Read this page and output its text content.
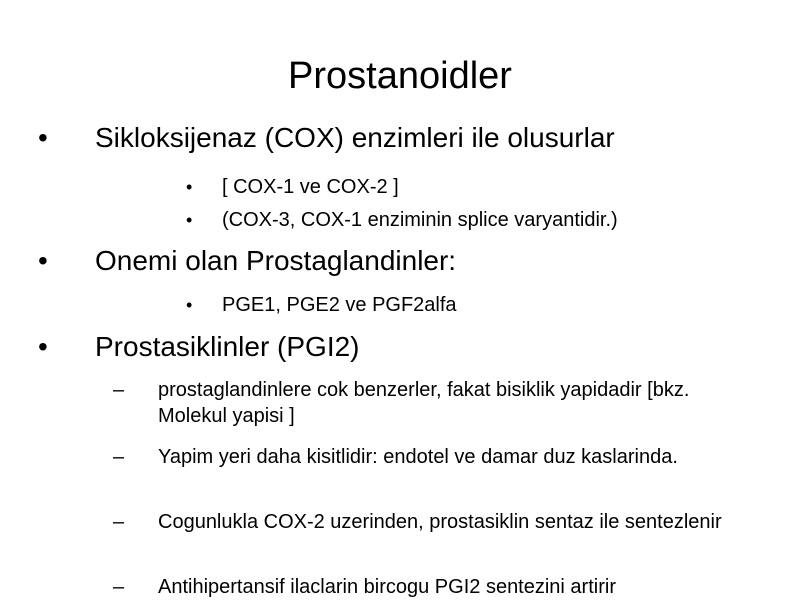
Prostanoidler
• Sikloksijenaz (COX) enzimleri ile olusurlar
• [ COX-1 ve COX-2 ]
• (COX-3, COX-1 enziminin splice varyantidir.)
• Onemi olan Prostaglandinler:
• PGE1, PGE2 ve PGF2alfa
• Prostasiklinler (PGI2)
– prostaglandinlere cok benzerler, fakat bisiklik yapidadir [bkz. Molekul yapisi ]
– Yapim yeri daha kisitlidir: endotel ve damar duz kaslarinda.
– Cogunlukla COX-2 uzerinden, prostasiklin sentaz ile sentezlenir
– Antihipertansif ilaclarin bircogu PGI2 sentezini artirir
